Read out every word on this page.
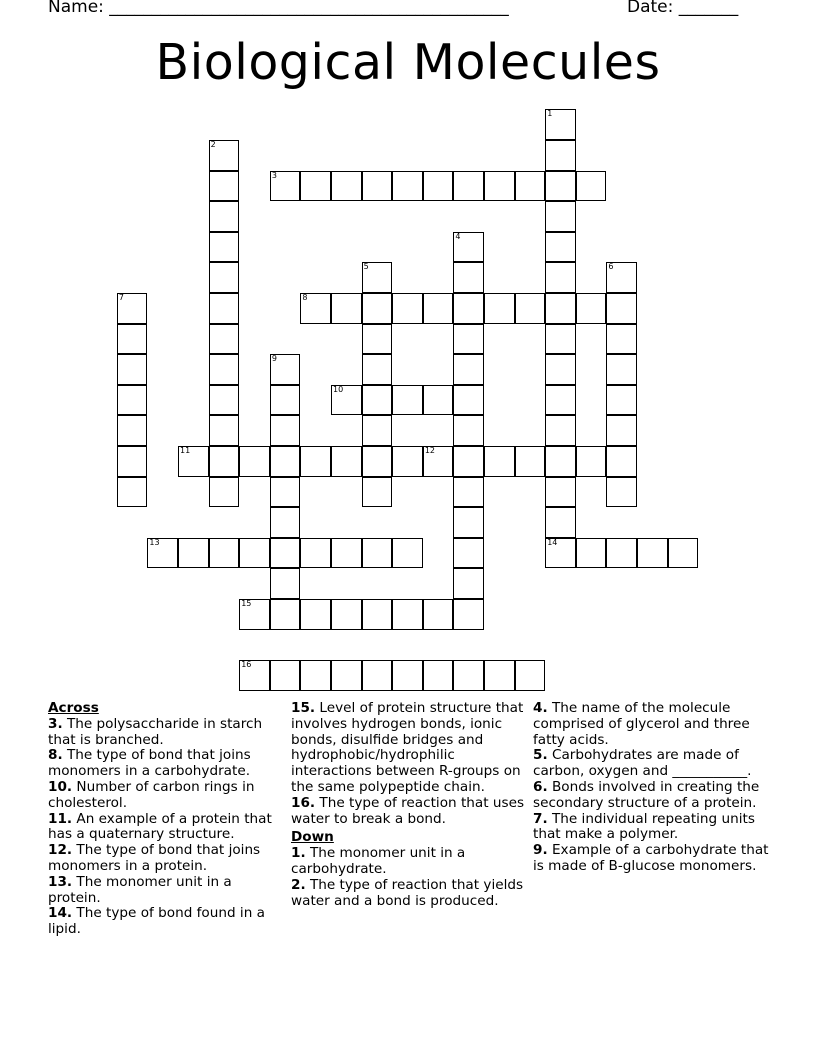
Name: _______________________________________________	Date: _______
Biological Molecules
1
2
3
4
5	6
7	8
9
10
11	12
13	14
15
16
Across
3. The polysaccharide in starch that is branched.
8. The type of bond that joins monomers in a carbohydrate.
10. Number of carbon rings in cholesterol.
11. An example of a protein that has a quaternary structure.
12. The type of bond that joins monomers in a protein.
13. The monomer unit in a protein.
14. The type of bond found in a lipid.
15. Level of protein structure that involves hydrogen bonds, ionic bonds, disulfide bridges and hydrophobic/hydrophilic interactions between R-groups on the same polypeptide chain.
16. The type of reaction that uses water to break a bond.
Down
1. The monomer unit in a carbohydrate.
2. The type of reaction that yields water and a bond is produced.
4. The name of the molecule comprised of glycerol and three fatty acids.
5. Carbohydrates are made of carbon, oxygen and ___________.
6. Bonds involved in creating the secondary structure of a protein.
7. The individual repeating units that make a polymer.
9. Example of a carbohydrate that is made of B-glucose monomers.
